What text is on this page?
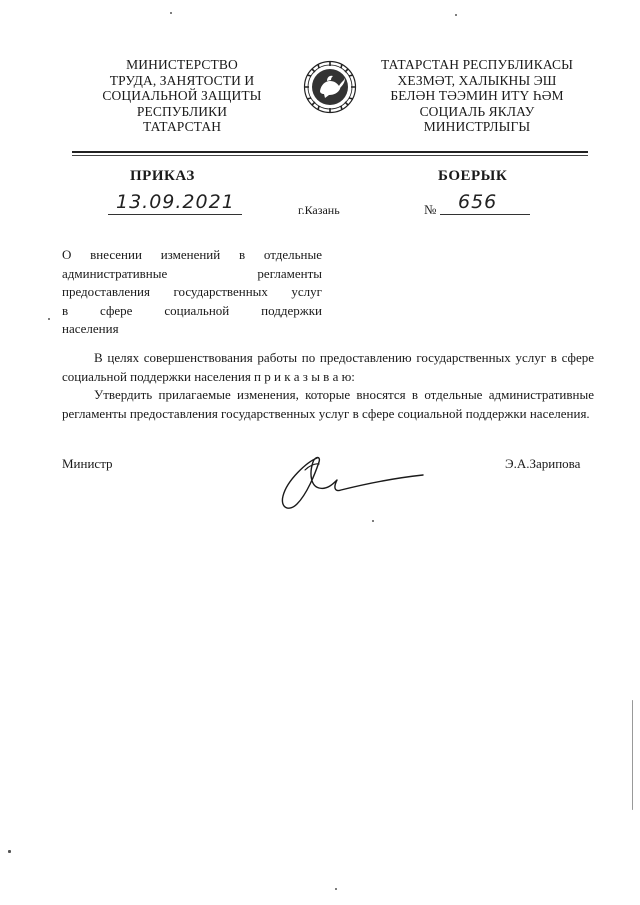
МИНИСТЕРСТВО
ТРУДА, ЗАНЯТОСТИ И
СОЦИАЛЬНОЙ ЗАЩИТЫ
РЕСПУБЛИКИ
ТАТАРСТАН
ТАТАРСТАН РЕСПУБЛИКАСЫ
ХЕЗМӘТ, ХАЛЫКНЫ ЭШ
БЕЛӘН ТӘЭМИН ИТҮ ҺӘМ
СОЦИАЛЬ ЯКЛАУ
МИНИСТРЛЫГЫ
ПРИКАЗ	БОЕРЫК
13.09.2021	г.Казань	№ 656
О внесении изменений в отдельные
административные регламенты
предоставления государственных услуг
в сфере социальной поддержки
населения

В целях совершенствования работы по предоставлению государственных услуг в сфере социальной поддержки населения п р и к а з ы в а ю:

Утвердить прилагаемые изменения, которые вносятся в отдельные административные регламенты предоставления государственных услуг в сфере социальной поддержки населения.

Министр	Э.А.Зарипова
